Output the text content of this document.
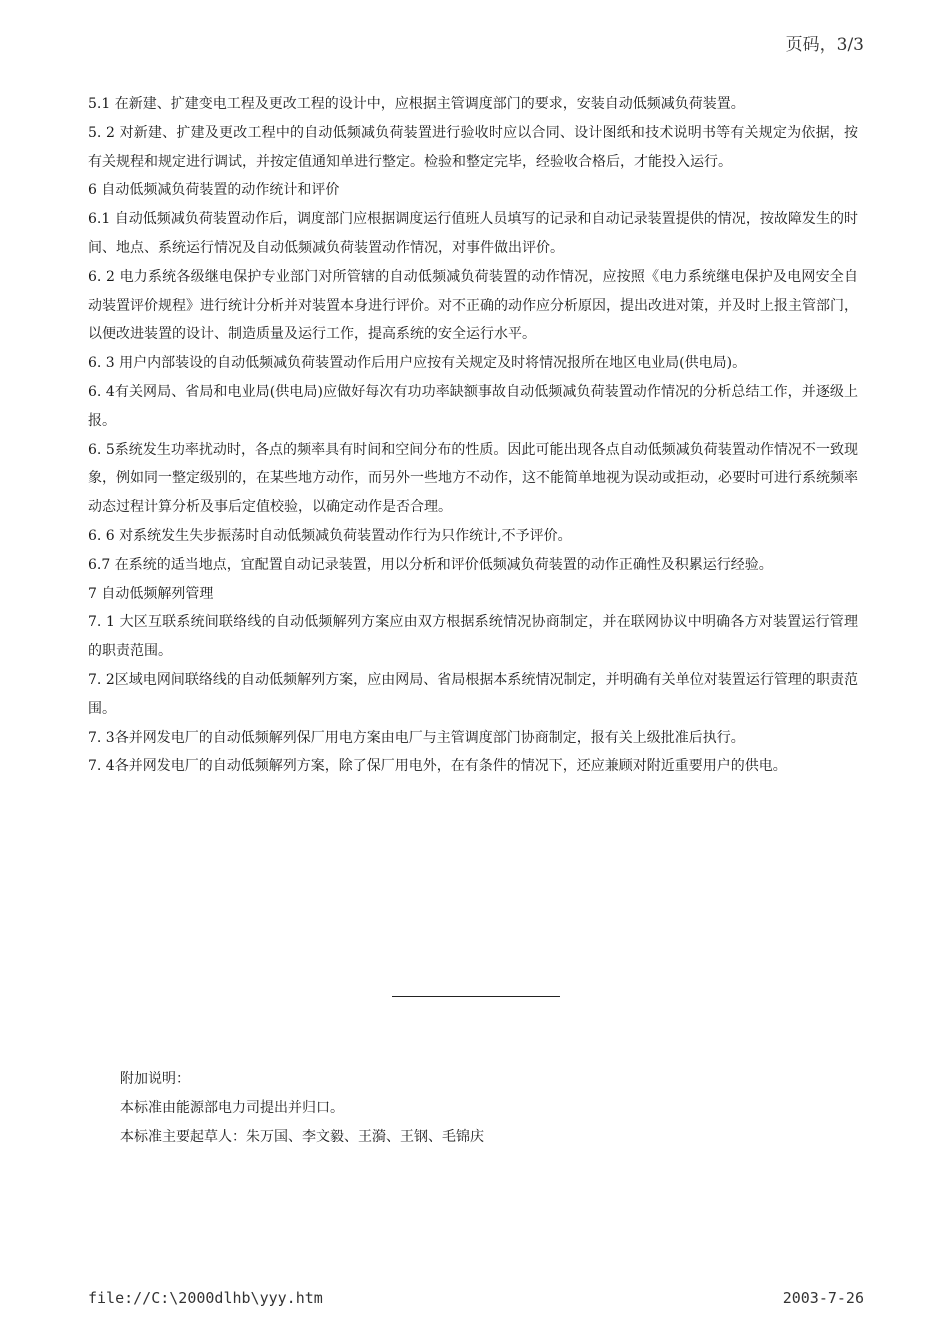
页码，3/3

5.1 在新建、扩建变电工程及更改工程的设计中，应根据主管调度部门的要求，安装自动低频减负荷装置。

5. 2 对新建、扩建及更改工程中的自动低频减负荷装置进行验收时应以合同、设计图纸和技术说明书等有关规定为依据，按有关规程和规定进行调试，并按定值通知单进行整定。检验和整定完毕，经验收合格后，才能投入运行。

6 自动低频减负荷装置的动作统计和评价

6.1 自动低频减负荷装置动作后，调度部门应根据调度运行值班人员填写的记录和自动记录装置提供的情况，按故障发生的时间、地点、系统运行情况及自动低频减负荷装置动作情况，对事件做出评价。

6. 2 电力系统各级继电保护专业部门对所管辖的自动低频减负荷装置的动作情况，应按照《电力系统继电保护及电网安全自动装置评价规程》进行统计分析并对装置本身进行评价。对不正确的动作应分析原因，提出改进对策，并及时上报主管部门，以便改进装置的设计、制造质量及运行工作，提高系统的安全运行水平。

6. 3 用户内部装设的自动低频减负荷装置动作后用户应按有关规定及时将情况报所在地区电业局(供电局)。

6. 4有关网局、省局和电业局(供电局)应做好每次有功功率缺额事故自动低频减负荷装置动作情况的分析总结工作，并逐级上报。

6. 5系统发生功率扰动时，各点的频率具有时间和空间分布的性质。因此可能出现各点自动低频减负荷装置动作情况不一致现象，例如同一整定级别的，在某些地方动作，而另外一些地方不动作，这不能简单地视为误动或拒动，必要时可进行系统频率动态过程计算分析及事后定值校验，以确定动作是否合理。

6. 6 对系统发生失步振荡时自动低频减负荷装置动作行为只作统计,不予评价。

6.7 在系统的适当地点，宜配置自动记录装置，用以分析和评价低频减负荷装置的动作正确性及积累运行经验。

7 自动低频解列管理

7. 1 大区互联系统间联络线的自动低频解列方案应由双方根据系统情况协商制定，并在联网协议中明确各方对装置运行管理的职责范围。

7. 2区域电网间联络线的自动低频解列方案，应由网局、省局根据本系统情况制定，并明确有关单位对装置运行管理的职责范围。

7. 3各并网发电厂的自动低频解列保厂用电方案由电厂与主管调度部门协商制定，报有关上级批准后执行。

7. 4各并网发电厂的自动低频解列方案，除了保厂用电外，在有条件的情况下，还应兼顾对附近重要用户的供电。

附加说明：
本标准由能源部电力司提出并归口。
本标准主要起草人：朱万国、李文毅、王漪、王钢、毛锦庆
file://C:\2000dlhb\yyy.htm	2003-7-26
